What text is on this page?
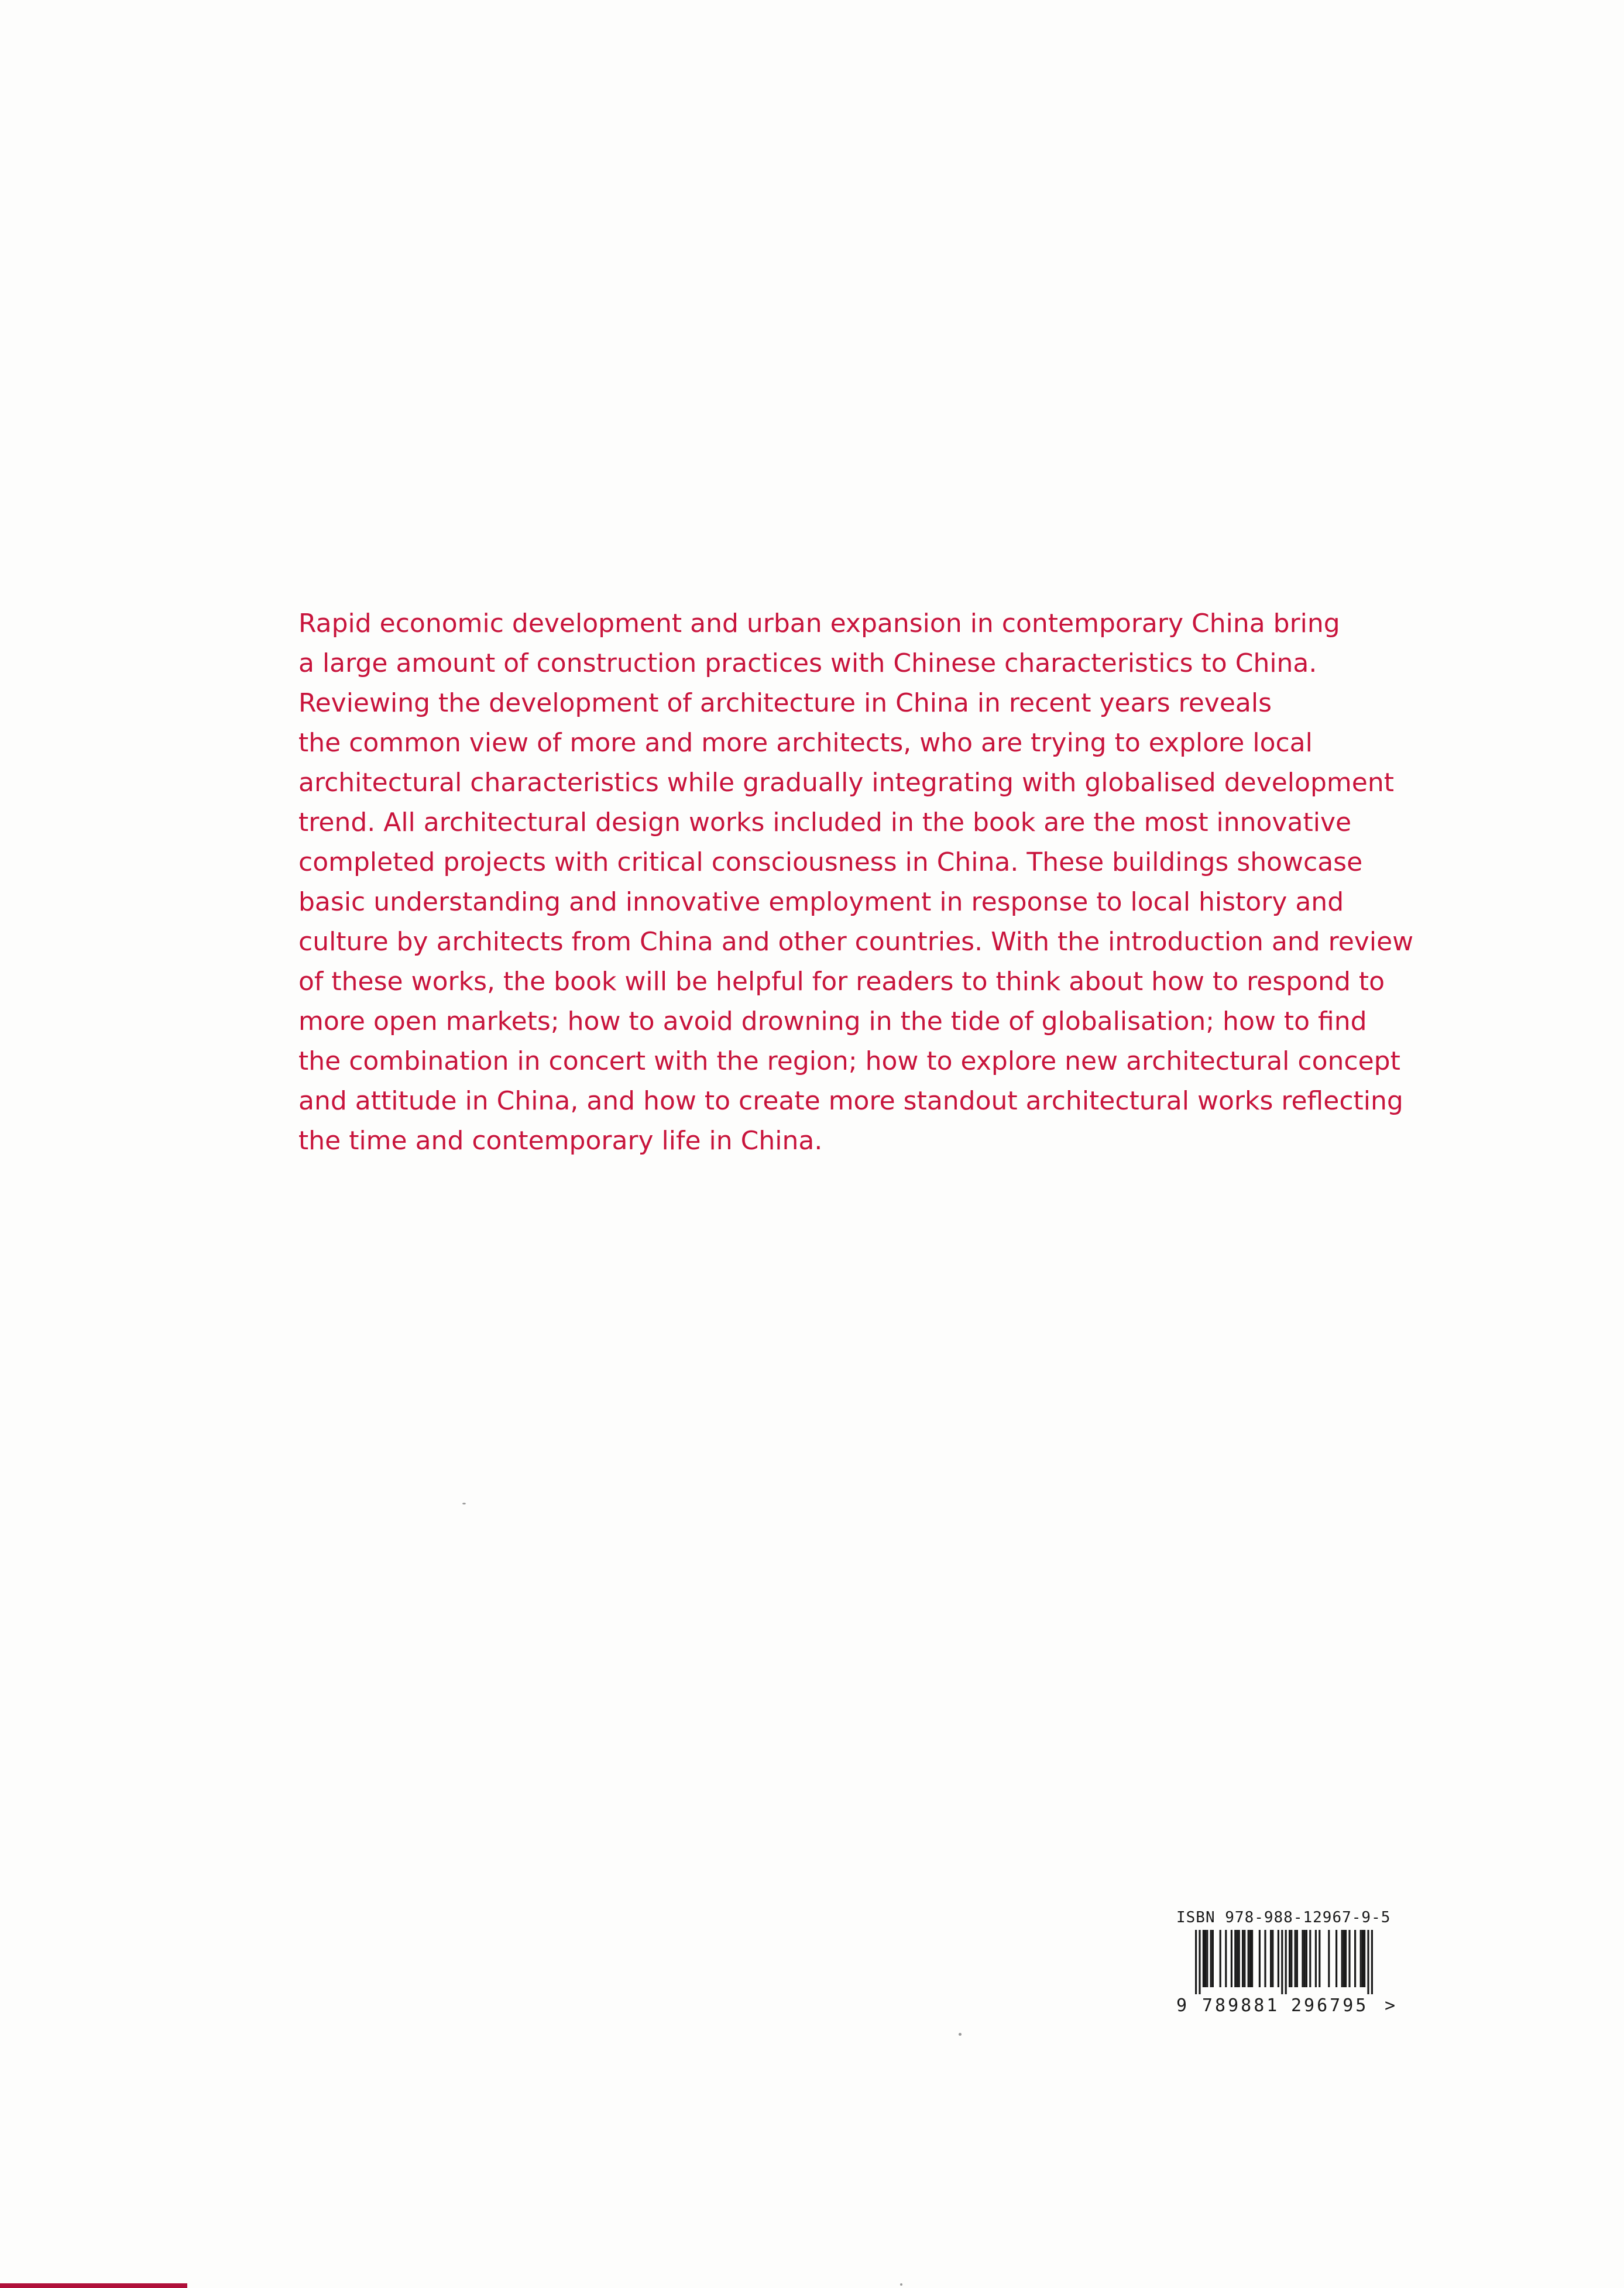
Rapid economic development and urban expansion in contemporary China bring
a large amount of construction practices with Chinese characteristics to China.
Reviewing the development of architecture in China in recent years reveals
the common view of more and more architects, who are trying to explore local
architectural characteristics while gradually integrating with globalised development
trend. All architectural design works included in the book are the most innovative
completed projects with critical consciousness in China. These buildings showcase
basic understanding and innovative employment in response to local history and
culture by architects from China and other countries. With the introduction and review
of these works, the book will be helpful for readers to think about how to respond to
more open markets; how to avoid drowning in the tide of globalisation; how to find
the combination in concert with the region; how to explore new architectural concept
and attitude in China, and how to create more standout architectural works reflecting
the time and contemporary life in China.
ISBN 978-988-12967-9-5
9 789881 296795 >
